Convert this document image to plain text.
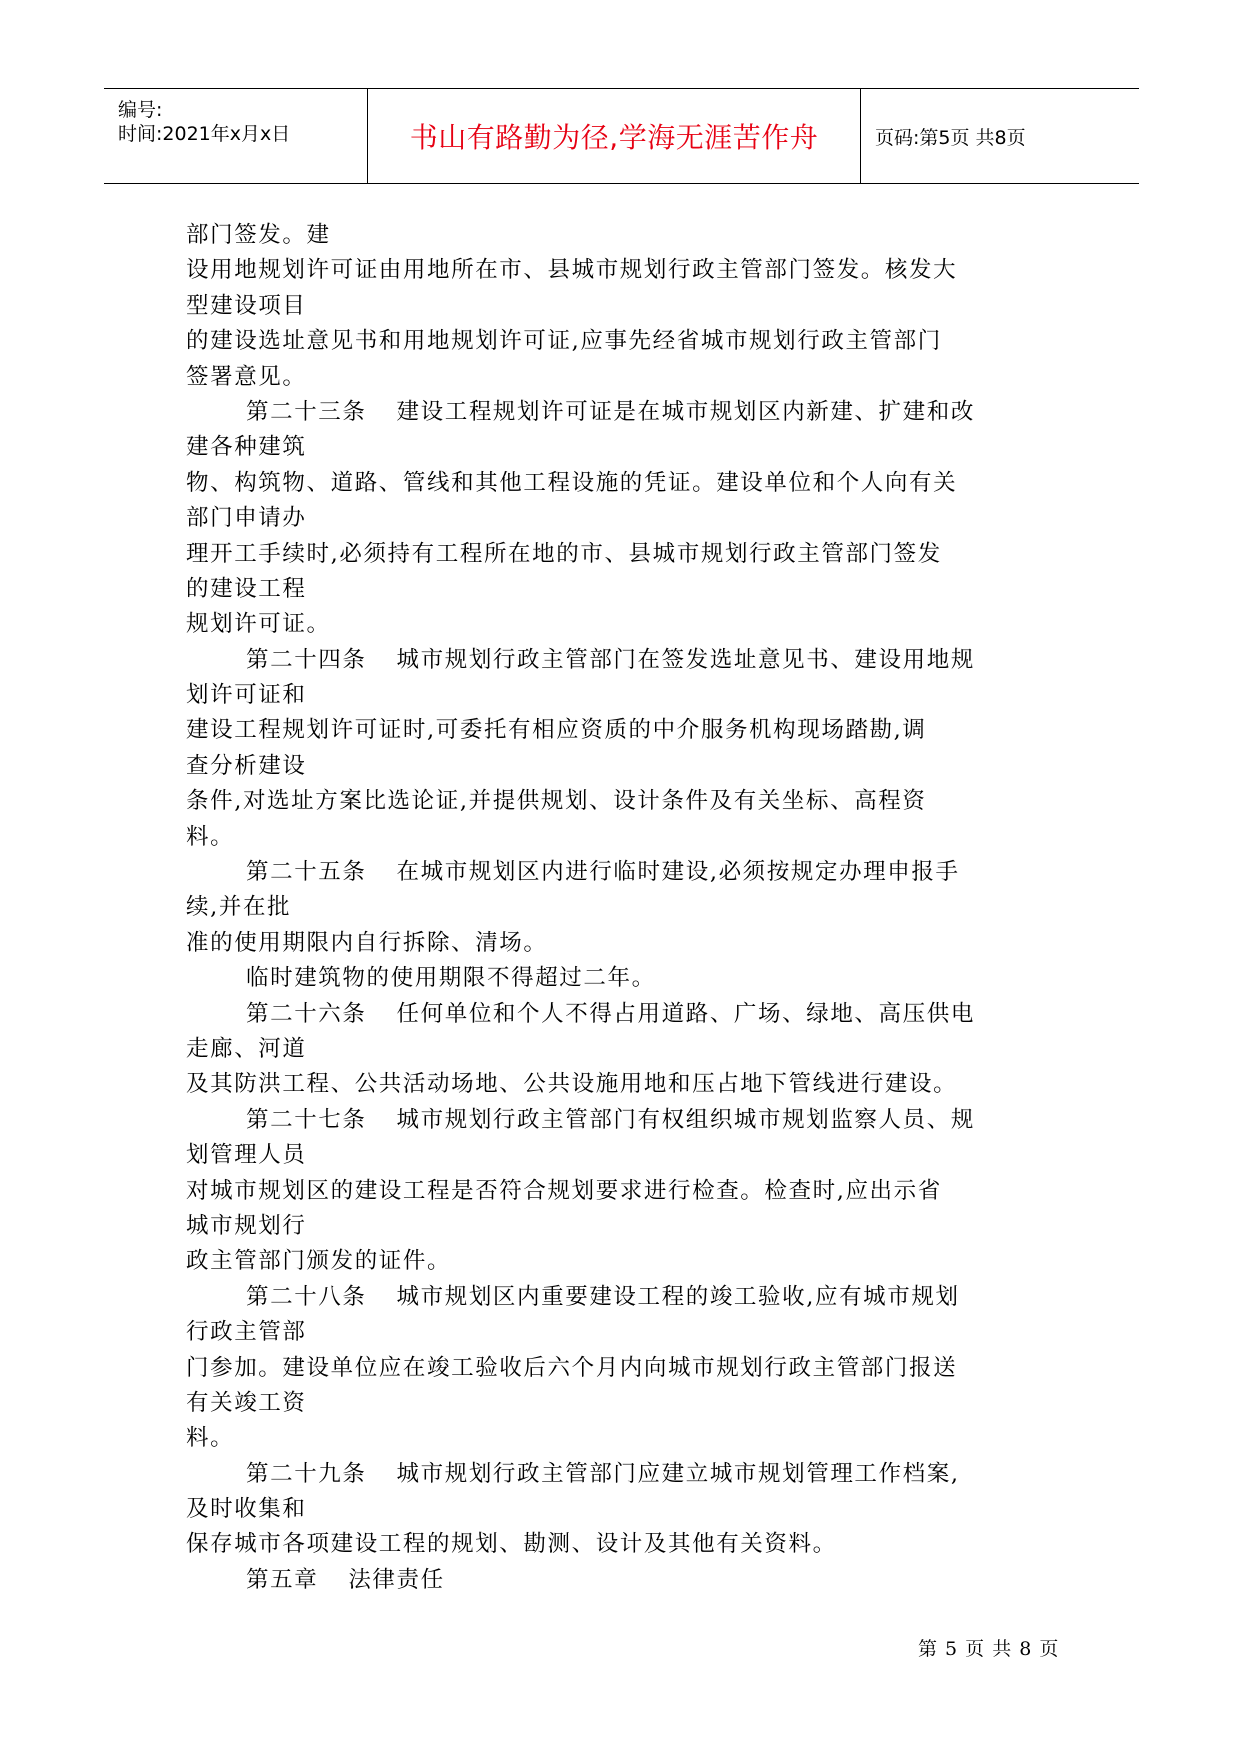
编号:
时间:2021年x月x日	书山有路勤为径,学海无涯苦作舟	页码:第5页 共8页
部门签发。建
设用地规划许可证由用地所在市、县城市规划行政主管部门签发。核发大
型建设项目
的建设选址意见书和用地规划许可证,应事先经省城市规划行政主管部门
签署意见。
第二十三条 建设工程规划许可证是在城市规划区内新建、扩建和改
建各种建筑
物、构筑物、道路、管线和其他工程设施的凭证。建设单位和个人向有关
部门申请办
理开工手续时,必须持有工程所在地的市、县城市规划行政主管部门签发
的建设工程
规划许可证。
第二十四条 城市规划行政主管部门在签发选址意见书、建设用地规
划许可证和
建设工程规划许可证时,可委托有相应资质的中介服务机构现场踏勘,调
查分析建设
条件,对选址方案比选论证,并提供规划、设计条件及有关坐标、高程资
料。
第二十五条 在城市规划区内进行临时建设,必须按规定办理申报手
续,并在批
准的使用期限内自行拆除、清场。
临时建筑物的使用期限不得超过二年。
第二十六条 任何单位和个人不得占用道路、广场、绿地、高压供电
走廊、河道
及其防洪工程、公共活动场地、公共设施用地和压占地下管线进行建设。
第二十七条 城市规划行政主管部门有权组织城市规划监察人员、规
划管理人员
对城市规划区的建设工程是否符合规划要求进行检查。检查时,应出示省
城市规划行
政主管部门颁发的证件。
第二十八条 城市规划区内重要建设工程的竣工验收,应有城市规划
行政主管部
门参加。建设单位应在竣工验收后六个月内向城市规划行政主管部门报送
有关竣工资
料。
第二十九条 城市规划行政主管部门应建立城市规划管理工作档案,
及时收集和
保存城市各项建设工程的规划、勘测、设计及其他有关资料。
第五章 法律责任
第 5 页 共 8 页
